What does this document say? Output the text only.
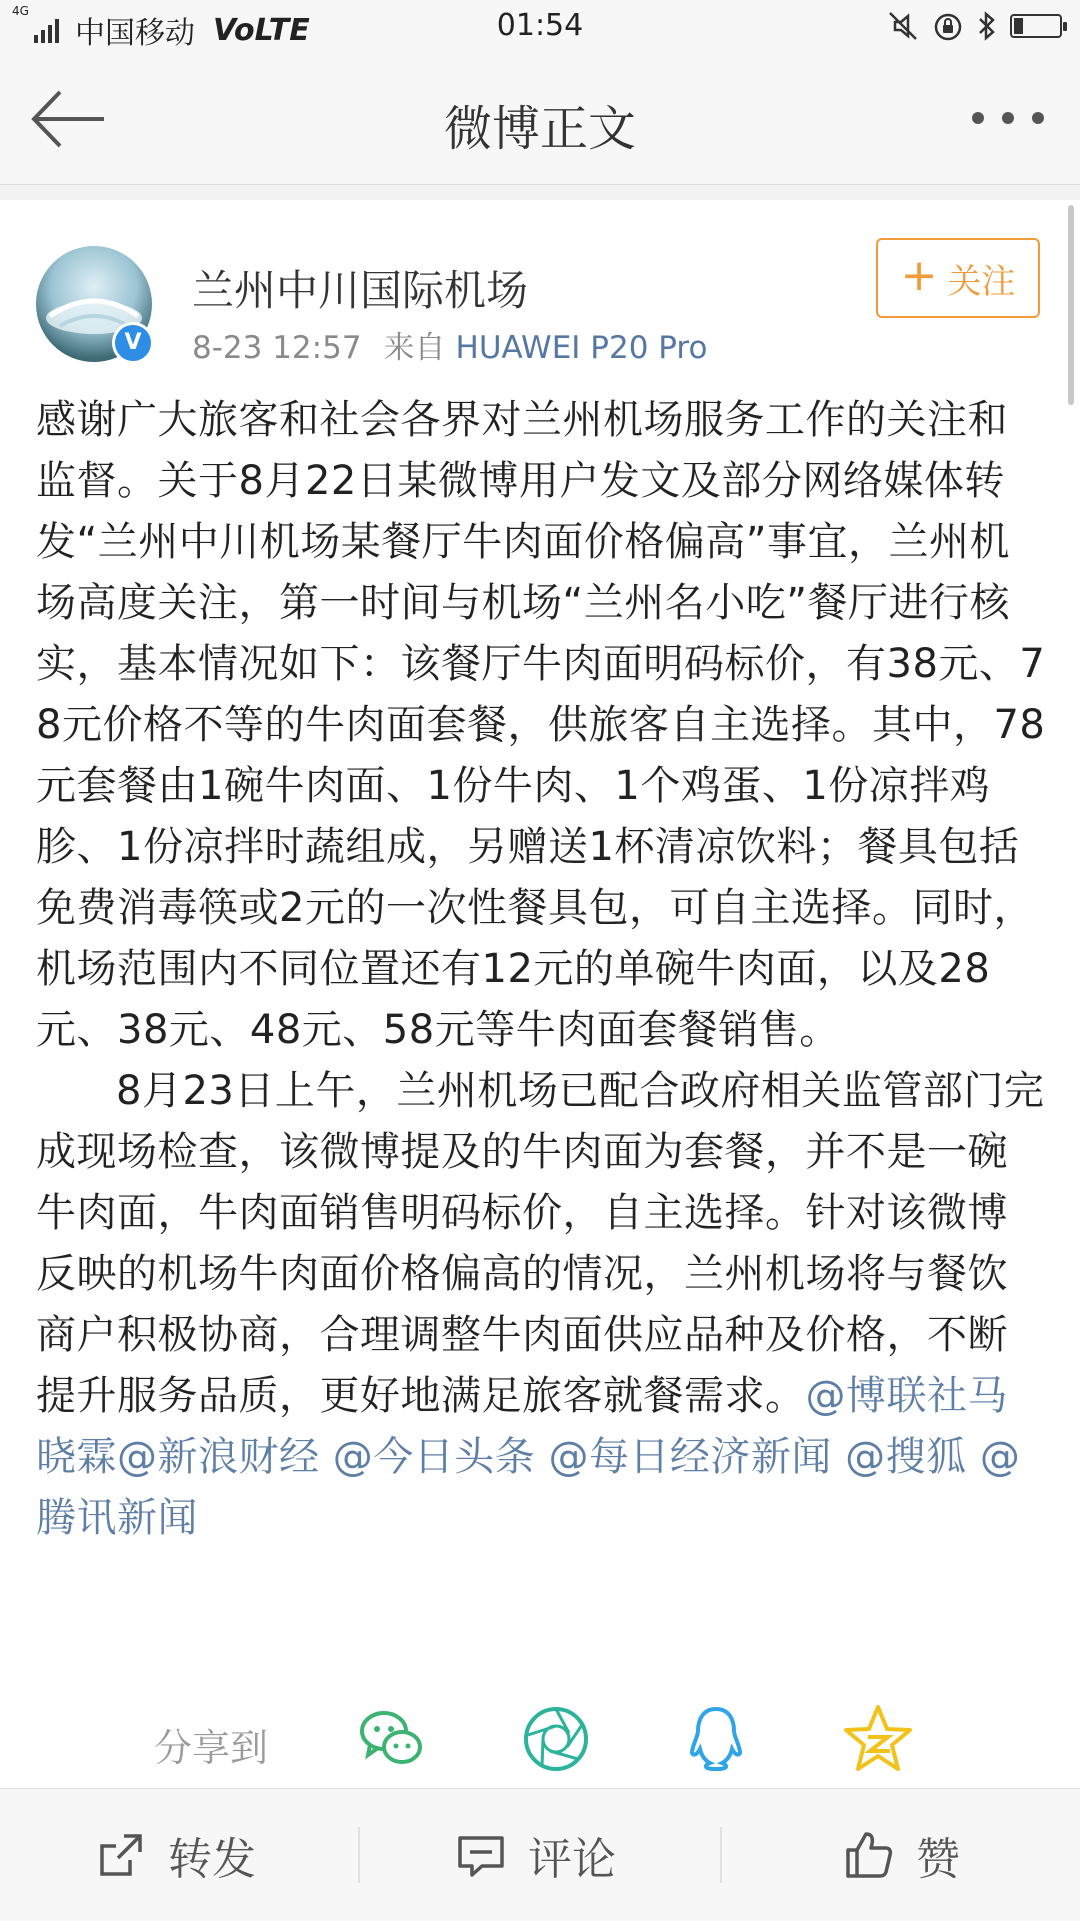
4G
中国移动 VoLTE	01:54
微博正文
V
兰州中川国际机场
8-23 12:57 来自 HUAWEI P20 Pro
+ 关注

感谢广大旅客和社会各界对兰州机场服务工作的关注和监督。关于8月22日某微博用户发文及部分网络媒体转发“兰州中川机场某餐厅牛肉面价格偏高”事宜，兰州机场高度关注，第一时间与机场“兰州名小吃”餐厅进行核实，基本情况如下：该餐厅牛肉面明码标价，有38元、78元价格不等的牛肉面套餐，供旅客自主选择。其中，78元套餐由1碗牛肉面、1份牛肉、1个鸡蛋、1份凉拌鸡胗、1份凉拌时蔬组成，另赠送1杯清凉饮料；餐具包括免费消毒筷或2元的一次性餐具包，可自主选择。同时，机场范围内不同位置还有12元的单碗牛肉面，以及28元、38元、48元、58元等牛肉面套餐销售。

8月23日上午，兰州机场已配合政府相关监管部门完成现场检查，该微博提及的牛肉面为套餐，并不是一碗牛肉面，牛肉面销售明码标价，自主选择。针对该微博反映的机场牛肉面价格偏高的情况，兰州机场将与餐饮商户积极协商，合理调整牛肉面供应品种及价格，不断提升服务品质，更好地满足旅客就餐需求。@博联社马晓霖@新浪财经 @今日头条 @每日经济新闻 @搜狐 @腾讯新闻

分享到
转发	评论	赞
